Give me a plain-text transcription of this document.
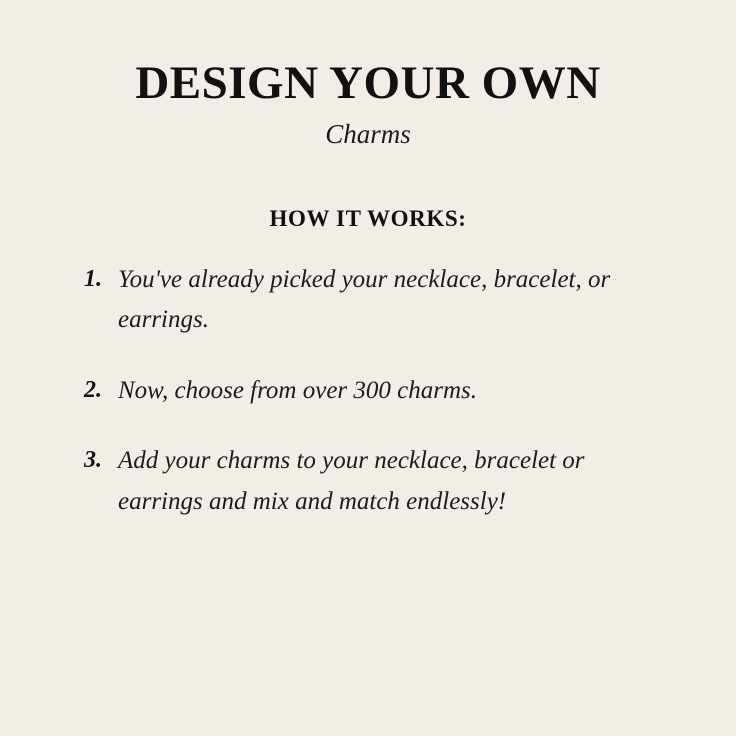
DESIGN YOUR OWN
Charms
HOW IT WORKS:
1. You've already picked your necklace, bracelet, or earrings.
2. Now, choose from over 300 charms.
3. Add your charms to your necklace, bracelet or earrings and mix and match endlessly!
